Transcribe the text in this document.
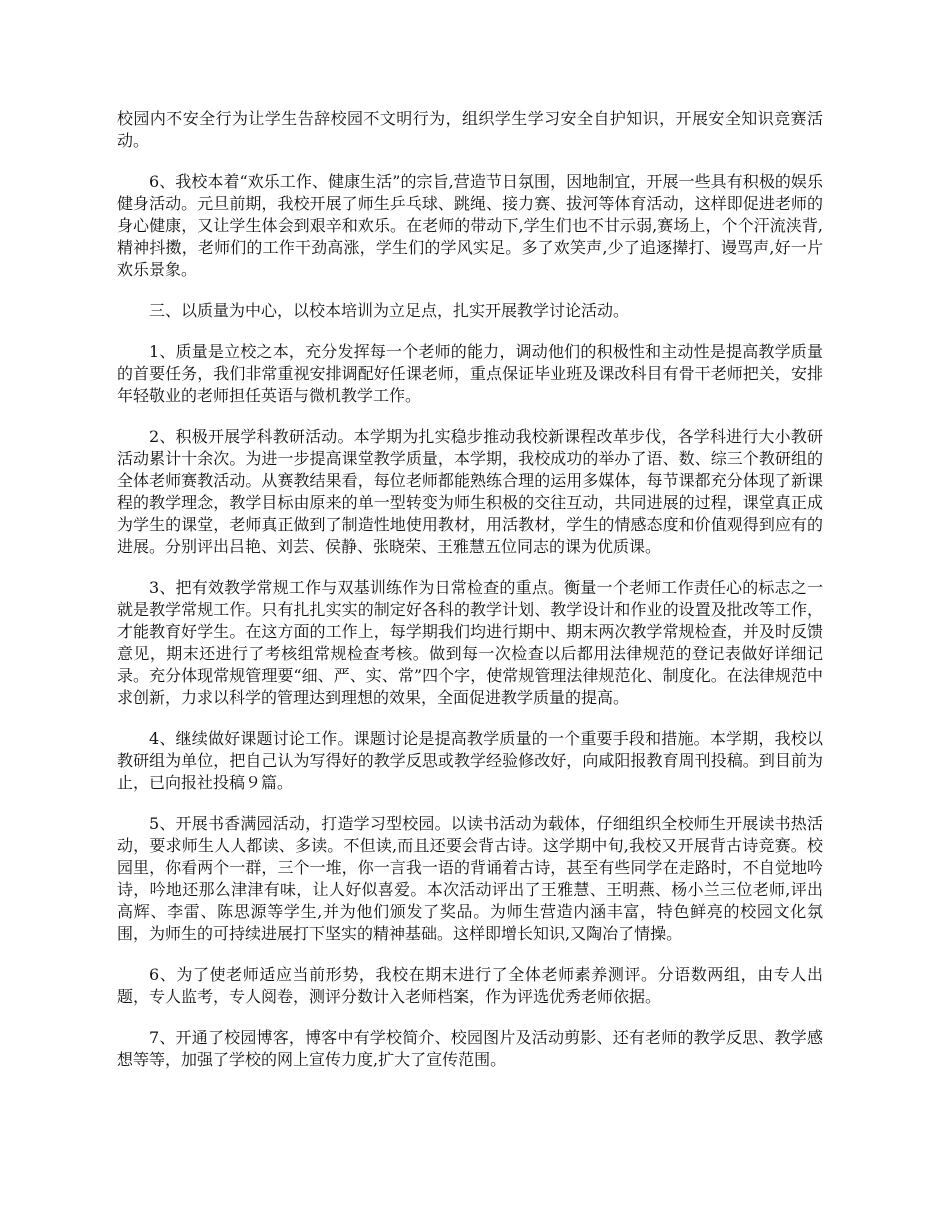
校园内不安全行为让学生告辞校园不文明行为，组织学生学习安全自护知识，开展安全知识竞赛活动。

6、我校本着“欢乐工作、健康生活”的宗旨,营造节日氛围，因地制宜，开展一些具有积极的娱乐健身活动。元旦前期，我校开展了师生乒乓球、跳绳、接力赛、拔河等体育活动，这样即促进老师的身心健康，又让学生体会到艰辛和欢乐。在老师的带动下,学生们也不甘示弱,赛场上，个个汗流浃背,精神抖擞，老师们的工作干劲高涨，学生们的学风实足。多了欢笑声,少了追逐撵打、谩骂声,好一片欢乐景象。

三、以质量为中心，以校本培训为立足点，扎实开展教学讨论活动。

1、质量是立校之本，充分发挥每一个老师的能力，调动他们的积极性和主动性是提高教学质量的首要任务，我们非常重视安排调配好任课老师，重点保证毕业班及课改科目有骨干老师把关，安排年轻敬业的老师担任英语与微机教学工作。

2、积极开展学科教研活动。本学期为扎实稳步推动我校新课程改革步伐，各学科进行大小教研活动累计十余次。为进一步提高课堂教学质量，本学期，我校成功的举办了语、数、综三个教研组的全体老师赛教活动。从赛教结果看，每位老师都能熟练合理的运用多媒体，每节课都充分体现了新课程的教学理念，教学目标由原来的单一型转变为师生积极的交往互动，共同进展的过程，课堂真正成为学生的课堂，老师真正做到了制造性地使用教材，用活教材，学生的情感态度和价值观得到应有的进展。分别评出吕艳、刘芸、侯静、张晓荣、王雅慧五位同志的课为优质课。

3、把有效教学常规工作与双基训练作为日常检查的重点。衡量一个老师工作责任心的标志之一就是教学常规工作。只有扎扎实实的制定好各科的教学计划、教学设计和作业的设置及批改等工作，才能教育好学生。在这方面的工作上，每学期我们均进行期中、期末两次教学常规检查，并及时反馈意见，期末还进行了考核组常规检查考核。做到每一次检查以后都用法律规范的登记表做好详细记录。充分体现常规管理要“细、严、实、常”四个字，使常规管理法律规范化、制度化。在法律规范中求创新，力求以科学的管理达到理想的效果，全面促进教学质量的提高。

4、继续做好课题讨论工作。课题讨论是提高教学质量的一个重要手段和措施。本学期，我校以教研组为单位，把自己认为写得好的教学反思或教学经验修改好，向咸阳报教育周刊投稿。到目前为止，已向报社投稿９篇。

5、开展书香满园活动，打造学习型校园。以读书活动为载体，仔细组织全校师生开展读书热活动，要求师生人人都读、多读。不但读,而且还要会背古诗。这学期中旬,我校又开展背古诗竞赛。校园里，你看两个一群，三个一堆，你一言我一语的背诵着古诗，甚至有些同学在走路时，不自觉地吟诗，吟地还那么津津有味，让人好似喜爱。本次活动评出了王雅慧、王明燕、杨小兰三位老师,评出高辉、李雷、陈思源等学生,并为他们颁发了奖品。为师生营造内涵丰富，特色鲜亮的校园文化氛围，为师生的可持续进展打下坚实的精神基础。这样即增长知识,又陶冶了情操。

6、为了使老师适应当前形势，我校在期末进行了全体老师素养测评。分语数两组，由专人出题，专人监考，专人阅卷，测评分数计入老师档案，作为评选优秀老师依据。

7、开通了校园博客，博客中有学校简介、校园图片及活动剪影、还有老师的教学反思、教学感想等等，加强了学校的网上宣传力度,扩大了宣传范围。
